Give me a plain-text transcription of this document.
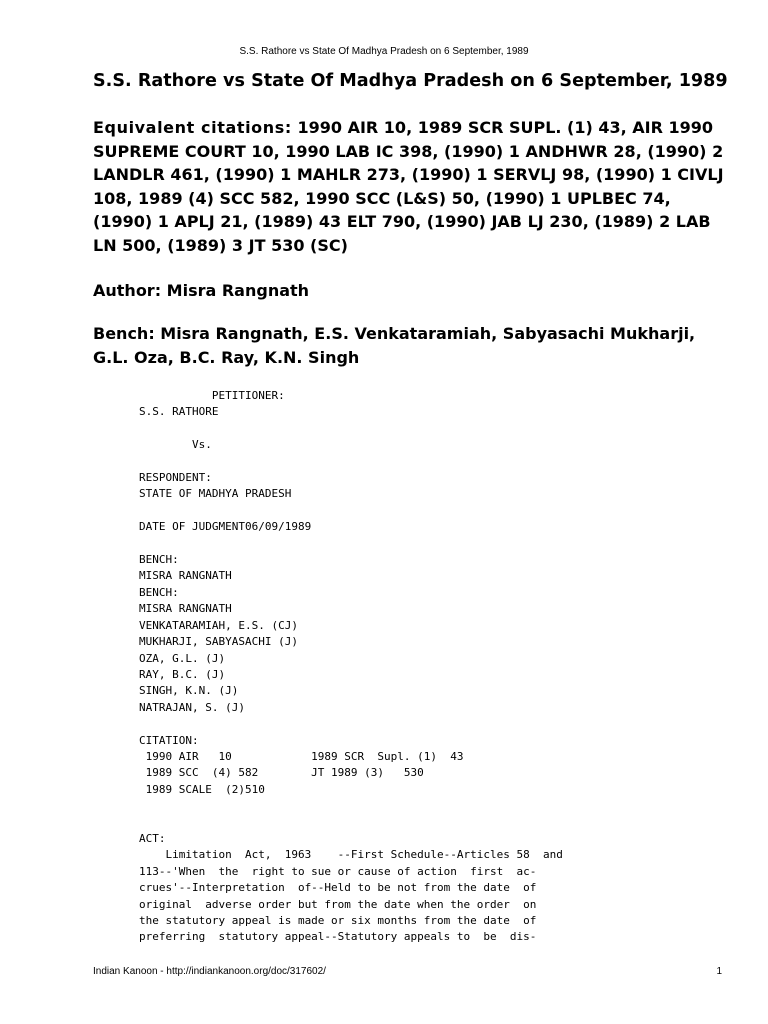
S.S. Rathore vs State Of Madhya Pradesh on 6 September, 1989
S.S. Rathore vs State Of Madhya Pradesh on 6 September, 1989

Equivalent citations: 1990 AIR 10, 1989 SCR SUPL. (1) 43, AIR 1990 SUPREME COURT 10, 1990 LAB IC 398, (1990) 1 ANDHWR 28, (1990) 2 LANDLR 461, (1990) 1 MAHLR 273, (1990) 1 SERVLJ 98, (1990) 1 CIVLJ 108, 1989 (4) SCC 582, 1990 SCC (L&S) 50, (1990) 1 UPLBEC 74, (1990) 1 APLJ 21, (1989) 43 ELT 790, (1990) JAB LJ 230, (1989) 2 LAB LN 500, (1989) 3 JT 530 (SC)

Author: Misra Rangnath

Bench: Misra Rangnath, E.S. Venkataramiah, Sabyasachi Mukharji, G.L. Oza, B.C. Ray, K.N. Singh

PETITIONER:
S.S. RATHORE

Vs.

RESPONDENT:
STATE OF MADHYA PRADESH

DATE OF JUDGMENT06/09/1989

BENCH:
MISRA RANGNATH
BENCH:
MISRA RANGNATH
VENKATARAMIAH, E.S. (CJ)
MUKHARJI, SABYASACHI (J)
OZA, G.L. (J)
RAY, B.C. (J)
SINGH, K.N. (J)
NATRAJAN, S. (J)

CITATION:
1990 AIR   10            1989 SCR  Supl. (1)  43
1989 SCC  (4) 582        JT 1989 (3)   530
1989 SCALE  (2)510

ACT:
Limitation  Act,  1963    --First Schedule--Articles 58  and
113--'When  the  right to sue or cause of action  first  ac-
crues'--Interpretation  of--Held to be not from the date  of
original  adverse order but from the date when the order  on
the statutory appeal is made or six months from the date  of
preferring  statutory appeal--Statutory appeals to  be  dis-
Indian Kanoon - http://indiankanoon.org/doc/317602/	1
